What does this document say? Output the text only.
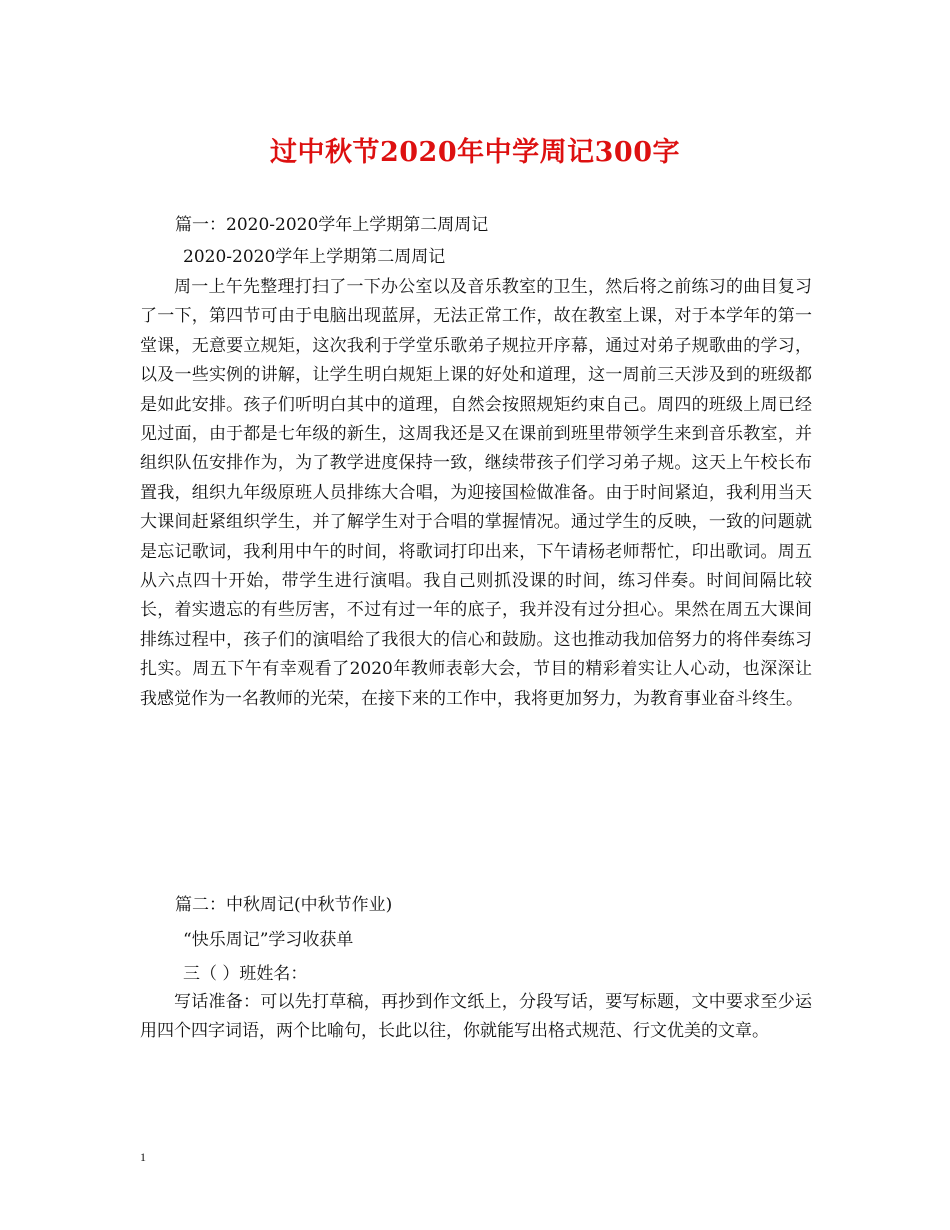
过中秋节2020年中学周记300字
篇一：2020-2020学年上学期第二周周记
2020-2020学年上学期第二周周记
周一上午先整理打扫了一下办公室以及音乐教室的卫生，然后将之前练习的曲目复习了一下，第四节可由于电脑出现蓝屏，无法正常工作，故在教室上课，对于本学年的第一堂课，无意要立规矩，这次我利于学堂乐歌弟子规拉开序幕，通过对弟子规歌曲的学习，以及一些实例的讲解，让学生明白规矩上课的好处和道理，这一周前三天涉及到的班级都是如此安排。孩子们听明白其中的道理，自然会按照规矩约束自己。周四的班级上周已经见过面，由于都是七年级的新生，这周我还是又在课前到班里带领学生来到音乐教室，并组织队伍安排作为，为了教学进度保持一致，继续带孩子们学习弟子规。这天上午校长布置我，组织九年级原班人员排练大合唱，为迎接国检做准备。由于时间紧迫，我利用当天大课间赶紧组织学生，并了解学生对于合唱的掌握情况。通过学生的反映，一致的问题就是忘记歌词，我利用中午的时间，将歌词打印出来，下午请杨老师帮忙，印出歌词。周五从六点四十开始，带学生进行演唱。我自己则抓没课的时间，练习伴奏。时间间隔比较长，着实遗忘的有些厉害，不过有过一年的底子，我并没有过分担心。果然在周五大课间排练过程中，孩子们的演唱给了我很大的信心和鼓励。这也推动我加倍努力的将伴奏练习扎实。周五下午有幸观看了2020年教师表彰大会，节目的精彩着实让人心动，也深深让我感觉作为一名教师的光荣，在接下来的工作中，我将更加努力，为教育事业奋斗终生。
篇二：中秋周记(中秋节作业)
“快乐周记”学习收获单
三（ ）班姓名：
写话准备：可以先打草稿，再抄到作文纸上，分段写话，要写标题，文中要求至少运用四个四字词语，两个比喻句，长此以往，你就能写出格式规范、行文优美的文章。
1
